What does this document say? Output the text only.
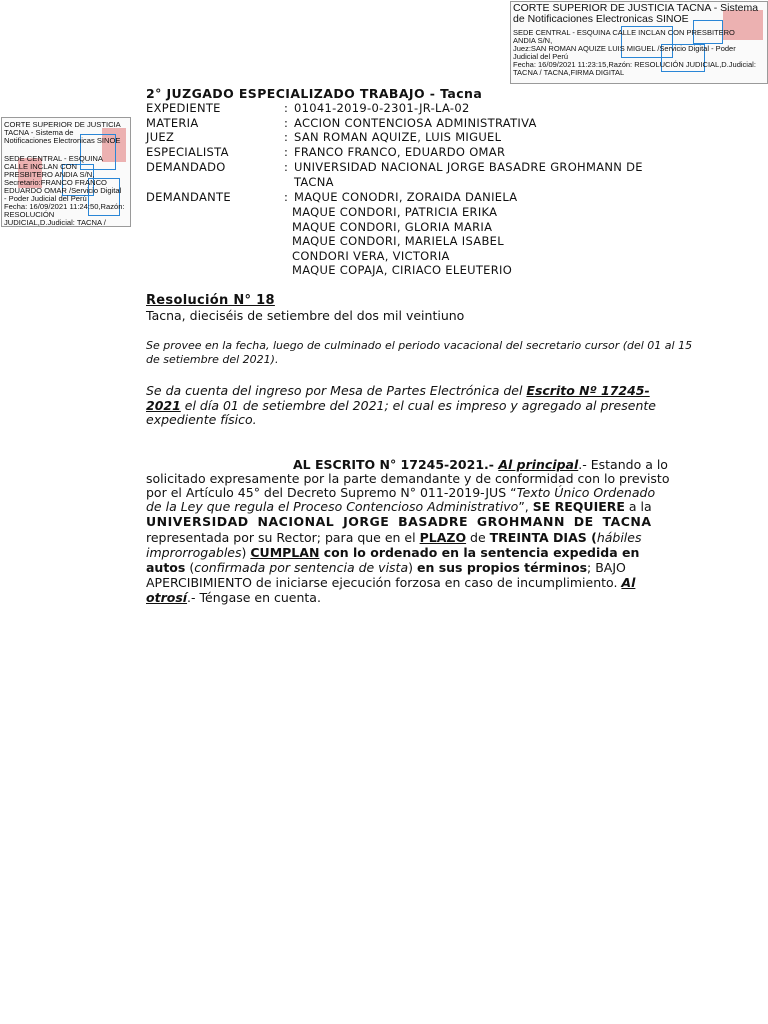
CORTE SUPERIOR DE JUSTICIA TACNA - Sistema
de Notificaciones Electronicas SINOE
SEDE CENTRAL - ESQUINA CALLE INCLAN CON PRESBITERO
ANDIA S/N,
Juez:SAN ROMAN AQUIZE LUIS MIGUEL /Servicio Digital - Poder
Judicial del Perú
Fecha: 16/09/2021 11:23:15,Razón: RESOLUCIÓN JUDICIAL,D.Judicial:
TACNA / TACNA,FIRMA DIGITAL
CORTE SUPERIOR DE JUSTICIA
TACNA - Sistema de
Notificaciones Electronicas SINOE
SEDE CENTRAL - ESQUINA
CALLE INCLAN CON
PRESBITERO ANDIA S/N,
Secretario:FRANCO FRANCO
EDUARDO OMAR /Servicio Digital
- Poder Judicial del Perú
Fecha: 16/09/2021 11:24:50,Razón:
RESOLUCIÓN
JUDICIAL,D.Judicial: TACNA /
2° JUZGADO ESPECIALIZADO TRABAJO - Tacna
EXPEDIENTE	: 01041-2019-0-2301-JR-LA-02
MATERIA	: ACCION CONTENCIOSA ADMINISTRATIVA
JUEZ	: SAN ROMAN AQUIZE, LUIS MIGUEL
ESPECIALISTA	: FRANCO FRANCO, EDUARDO OMAR
DEMANDADO	: UNIVERSIDAD NACIONAL JORGE BASADRE GROHMANN DE
TACNA
DEMANDANTE	: MAQUE CONODRI, ZORAIDA DANIELA
MAQUE CONDORI, PATRICIA ERIKA
MAQUE CONDORI, GLORIA MARIA
MAQUE CONDORI, MARIELA ISABEL
CONDORI VERA, VICTORIA
MAQUE COPAJA, CIRIACO ELEUTERIO
Resolución N° 18
Tacna, dieciséis de setiembre del dos mil veintiuno
Se provee en la fecha, luego de culminado el periodo vacacional del secretario cursor (del 01 al 15
de setiembre del 2021).
Se da cuenta del ingreso por Mesa de Partes Electrónica del Escrito Nº 17245-
2021 el día 01 de setiembre del 2021; el cual es impreso y agregado al presente
expediente físico.
AL ESCRITO N° 17245-2021.- Al principal.- Estando a lo
solicitado expresamente por la parte demandante y de conformidad con lo previsto
por el Artículo 45° del Decreto Supremo N° 011-2019-JUS “Texto Único Ordenado
de la Ley que regula el Proceso Contencioso Administrativo”, SE REQUIERE a la
UNIVERSIDAD NACIONAL JORGE BASADRE GROHMANN DE TACNA
representada por su Rector; para que en el PLAZO de TREINTA DIAS (hábiles
improrrogables) CUMPLAN con lo ordenado en la sentencia expedida en
autos (confirmada por sentencia de vista) en sus propios términos; BAJO
APERCIBIMIENTO de iniciarse ejecución forzosa en caso de incumplimiento. Al
otrosí.- Téngase en cuenta.
